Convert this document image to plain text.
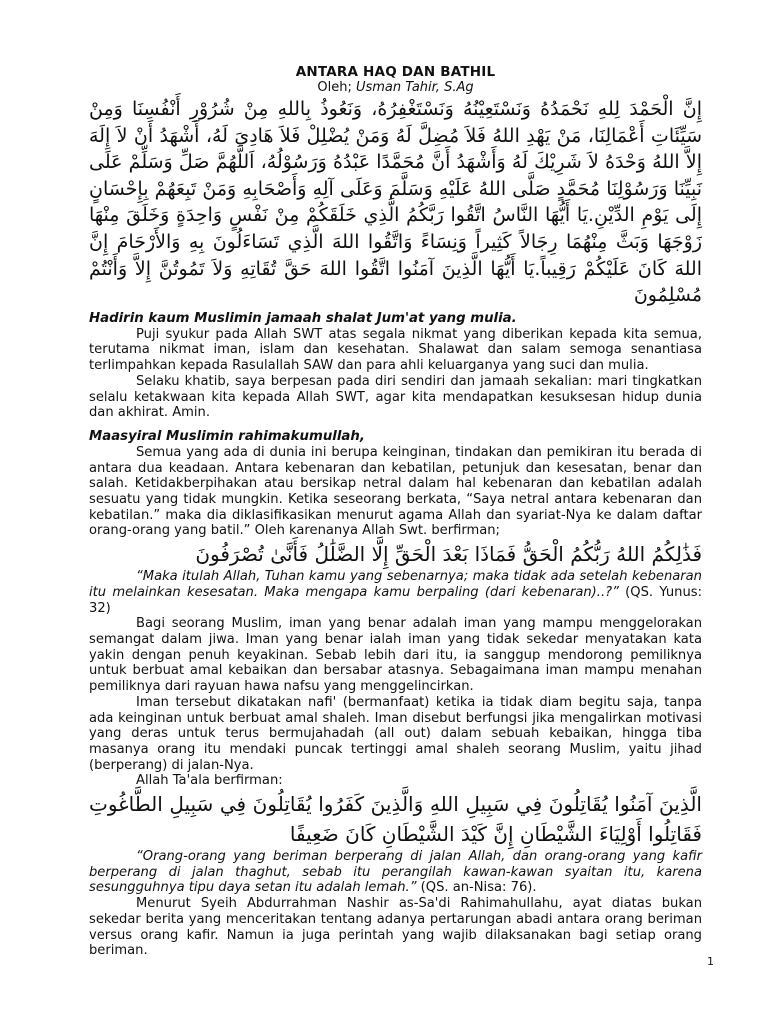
ANTARA HAQ DAN BATHIL

Oleh; Usman Tahir, S.Ag

إِنَّ الْحَمْدَ لِلهِ نَحْمَدُهُ وَنَسْتَعِيْنُهُ وَنَسْتَغْفِرُهُ، وَنَعُوذُ بِاللهِ مِنْ شُرُوْرِ أَنْفُسِنَا وَمِنْ سَيِّئَاتِ أَعْمَالِنَا، مَنْ يَهْدِ اللهُ فَلاَ مُضِلَّ لَهُ وَمَنْ يُضْلِلْ فَلاَ هَادِيَ لَهُ، أَشْهَدُ أَنْ لاَ إِلَهَ إِلاَّ اللهُ وَحْدَهُ لاَ شَرِيْكَ لَهُ وَأَشْهَدُ أَنَّ مُحَمَّدًا عَبْدُهُ وَرَسُوْلُهُ، اَللَّهُمَّ صَلِّ وَسَلِّمْ عَلَى نَبِيِّنَا وَرَسُوْلِنَا مُحَمَّدٍ صَلَّى اللهُ عَلَيْهِ وَسَلَّمَ وَعَلَى آلِهِ وَأَصْحَابِهِ وَمَنْ تَبِعَهُمْ بِإِحْسَانٍ إِلَى يَوْمِ الدِّيْنِ.يَا أَيُّهَا النَّاسُ اتَّقُوا رَبَّكُمُ الَّذِي خَلَقَكُمْ مِنْ نَفْسٍ وَاحِدَةٍ وَخَلَقَ مِنْهَا زَوْجَهَا وَبَثَّ مِنْهُمَا رِجَالاً كَثِيراً وَنِسَاءً وَاتَّقُوا اللهَ الَّذِي تَسَاءَلُونَ بِهِ وَالأَرْحَامَ إِنَّ اللهَ كَانَ عَلَيْكُمْ رَقِيباً.يَا أَيُّهَا الَّذِينَ آمَنُوا اتَّقُوا اللهَ حَقَّ تُقَاتِهِ وَلاَ تَمُوتُنَّ إِلاَّ وَأَنْتُمْ مُسْلِمُونَ

Hadirin kaum Muslimin jamaah shalat Jum'at yang mulia.

Puji syukur pada Allah SWT atas segala nikmat yang diberikan kepada kita semua, terutama nikmat iman, islam dan kesehatan. Shalawat dan salam semoga senantiasa terlimpahkan kepada Rasulallah SAW dan para ahli keluarganya yang suci dan mulia.

Selaku khatib, saya berpesan pada diri sendiri dan jamaah sekalian: mari tingkatkan selalu ketakwaan kita kepada Allah SWT, agar kita mendapatkan kesuksesan hidup dunia dan akhirat. Amin.

Maasyiral Muslimin rahimakumullah,

Semua yang ada di dunia ini berupa keinginan, tindakan dan pemikiran itu berada di antara dua keadaan. Antara kebenaran dan kebatilan, petunjuk dan kesesatan, benar dan salah. Ketidakberpihakan atau bersikap netral dalam hal kebenaran dan kebatilan adalah sesuatu yang tidak mungkin. Ketika seseorang berkata, “Saya netral antara kebenaran dan kebatilan.” maka dia diklasifikasikan menurut agama Allah dan syariat-Nya ke dalam daftar orang-orang yang batil.” Oleh karenanya Allah Swt. berfirman;

فَذَٰلِكُمُ اللهُ رَبُّكُمُ الْحَقُّ فَمَاذَا بَعْدَ الْحَقِّ إِلَّا الضَّلَٰلُ فَأَنَّىٰ تُصْرَفُونَ

“Maka itulah Allah, Tuhan kamu yang sebenarnya; maka tidak ada setelah kebenaran itu melainkan kesesatan. Maka mengapa kamu berpaling (dari kebenaran)..?” (QS. Yunus: 32)

Bagi seorang Muslim, iman yang benar adalah iman yang mampu menggelorakan semangat dalam jiwa. Iman yang benar ialah iman yang tidak sekedar menyatakan kata yakin dengan penuh keyakinan. Sebab lebih dari itu, ia sanggup mendorong pemiliknya untuk berbuat amal kebaikan dan bersabar atasnya. Sebagaimana iman mampu menahan pemiliknya dari rayuan hawa nafsu yang menggelincirkan.

Iman tersebut dikatakan nafi' (bermanfaat) ketika ia tidak diam begitu saja, tanpa ada keinginan untuk berbuat amal shaleh. Iman disebut berfungsi jika mengalirkan motivasi yang deras untuk terus bermujahadah (all out) dalam sebuah kebaikan, hingga tiba masanya orang itu mendaki puncak tertinggi amal shaleh seorang Muslim, yaitu jihad (berperang) di jalan-Nya.

Allah Ta'ala berfirman:

الَّذِينَ آمَنُوا يُقَاتِلُونَ فِي سَبِيلِ اللهِ وَالَّذِينَ كَفَرُوا يُقَاتِلُونَ فِي سَبِيلِ الطَّاغُوتِ فَقَاتِلُوا أَوْلِيَاءَ الشَّيْطَانِ إِنَّ كَيْدَ الشَّيْطَانِ كَانَ ضَعِيفًا

“Orang-orang yang beriman berperang di jalan Allah, dan orang-orang yang kafir berperang di jalan thaghut, sebab itu perangilah kawan-kawan syaitan itu, karena sesungguhnya tipu daya setan itu adalah lemah.” (QS. an-Nisa: 76).

Menurut Syeih Abdurrahman Nashir as-Sa'di Rahimahullahu, ayat diatas bukan sekedar berita yang menceritakan tentang adanya pertarungan abadi antara orang beriman versus orang kafir. Namun ia juga perintah yang wajib dilaksanakan bagi setiap orang beriman.

1
